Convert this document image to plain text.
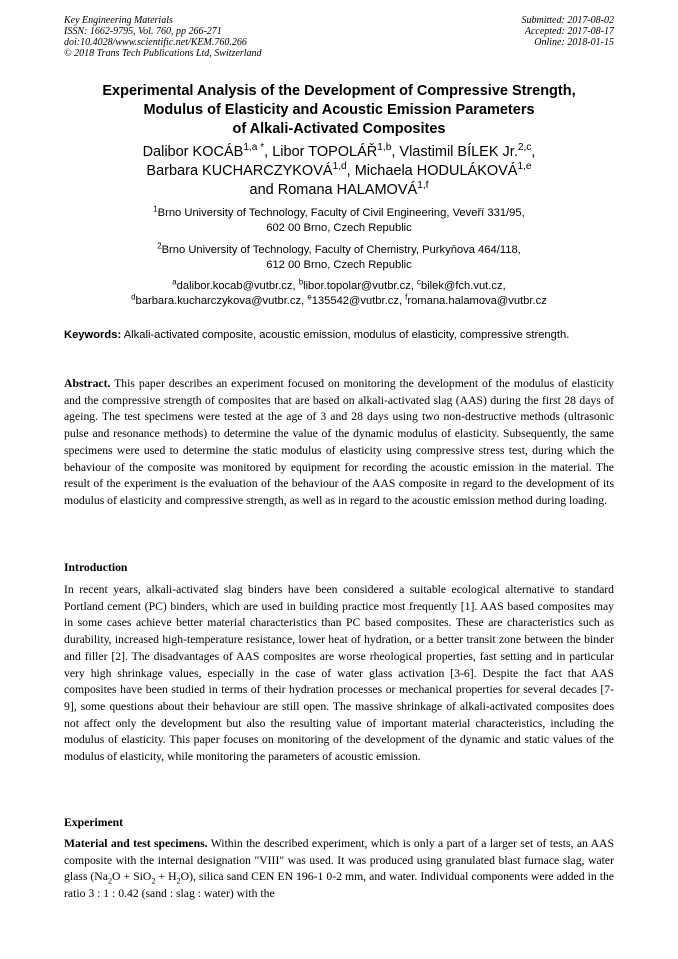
Key Engineering Materials
ISSN: 1662-9795, Vol. 760, pp 266-271
doi:10.4028/www.scientific.net/KEM.760.266
© 2018 Trans Tech Publications Ltd, Switzerland
Submitted: 2017-08-02
Accepted: 2017-08-17
Online: 2018-01-15
Experimental Analysis of the Development of Compressive Strength,
Modulus of Elasticity and Acoustic Emission Parameters
of Alkali-Activated Composites
Dalibor $KOCÁB^{1,a *}$, Libor TOPOLÁŘ$^{1,b}$, Vlastimil BÍLEK Jr.$^{2,c}$,
Barbara KUCHARCZYKOVÁ$^{1,d}$, Michaela HODULÁKOVÁ$^{1,e}$
and Romana HALAMOVÁ$^{1,f}$
$^1$Brno University of Technology, Faculty of Civil Engineering, Veveří 331/95,
602 00 Brno, Czech Republic
$^2$Brno University of Technology, Faculty of Chemistry, Purkyňova 464/118,
612 00 Brno, Czech Republic
$^a$dalibor.kocab@vutbr.cz, $^b$libor.topolar@vutbr.cz, $^c$bilek@fch.vut.cz,
$^d$barbara.kucharczykova@vutbr.cz, $^e$135542@vutbr.cz, $^f$romana.halamova@vutbr.cz
Keywords: Alkali-activated composite, acoustic emission, modulus of elasticity, compressive strength.
Abstract. This paper describes an experiment focused on monitoring the development of the modulus of elasticity and the compressive strength of composites that are based on alkali-activated slag (AAS) during the first 28 days of ageing. The test specimens were tested at the age of 3 and 28 days using two non-destructive methods (ultrasonic pulse and resonance methods) to determine the value of the dynamic modulus of elasticity. Subsequently, the same specimens were used to determine the static modulus of elasticity using compressive stress test, during which the behaviour of the composite was monitored by equipment for recording the acoustic emission in the material. The result of the experiment is the evaluation of the behaviour of the AAS composite in regard to the development of its modulus of elasticity and compressive strength, as well as in regard to the acoustic emission method during loading.
Introduction
In recent years, alkali-activated slag binders have been considered a suitable ecological alternative to standard Portland cement (PC) binders, which are used in building practice most frequently [1]. AAS based composites may in some cases achieve better material characteristics than PC based composites. These are characteristics such as durability, increased high-temperature resistance, lower heat of hydration, or a better transit zone between the binder and filler [2]. The disadvantages of AAS composites are worse rheological properties, fast setting and in particular very high shrinkage values, especially in the case of water glass activation [3-6]. Despite the fact that AAS composites have been studied in terms of their hydration processes or mechanical properties for several decades [7-9], some questions about their behaviour are still open. The massive shrinkage of alkali-activated composites does not affect only the development but also the resulting value of important material characteristics, including the modulus of elasticity. This paper focuses on monitoring of the development of the dynamic and static values of the modulus of elasticity, while monitoring the parameters of acoustic emission.
Experiment
Material and test specimens. Within the described experiment, which is only a part of a larger set of tests, an AAS composite with the internal designation "VIII" was used. It was produced using granulated blast furnace slag, water glass $(Na_2O + SiO_2 + H_2O)$, silica sand CEN EN 196-1 0-2 mm, and water. Individual components were added in the ratio 3 : 1 : 0.42 (sand : slag : water) with the
